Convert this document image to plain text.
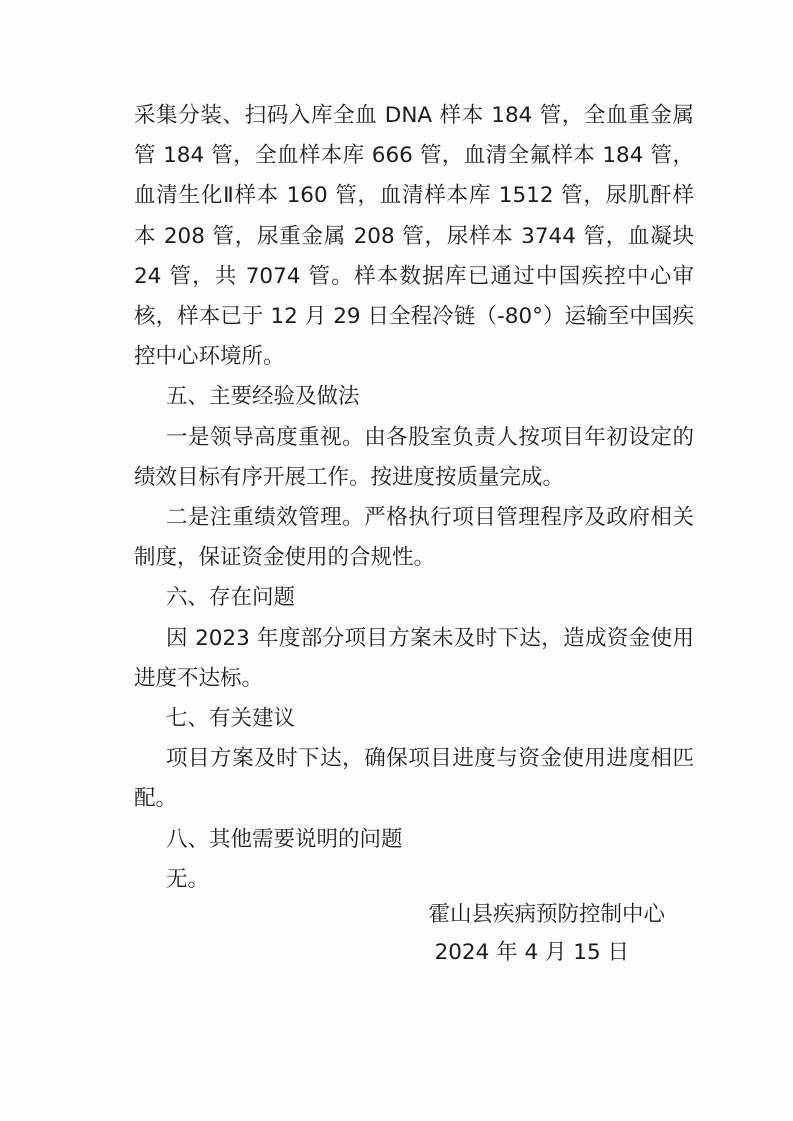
采集分装、扫码入库全血 DNA 样本 184 管，全血重金属管 184 管，全血样本库 666 管，血清全氟样本 184 管，血清生化Ⅱ样本 160 管，血清样本库 1512 管，尿肌酐样本 208 管，尿重金属 208 管，尿样本 3744 管，血凝块 24 管，共 7074 管。样本数据库已通过中国疾控中心审核，样本已于 12 月 29 日全程冷链（-80°）运输至中国疾控中心环境所。

五、主要经验及做法

一是领导高度重视。由各股室负责人按项目年初设定的绩效目标有序开展工作。按进度按质量完成。

二是注重绩效管理。严格执行项目管理程序及政府相关制度，保证资金使用的合规性。

六、存在问题

因 2023 年度部分项目方案未及时下达，造成资金使用进度不达标。

七、有关建议

项目方案及时下达，确保项目进度与资金使用进度相匹配。

八、其他需要说明的问题

无。

霍山县疾病预防控制中心
2024 年 4 月 15 日
